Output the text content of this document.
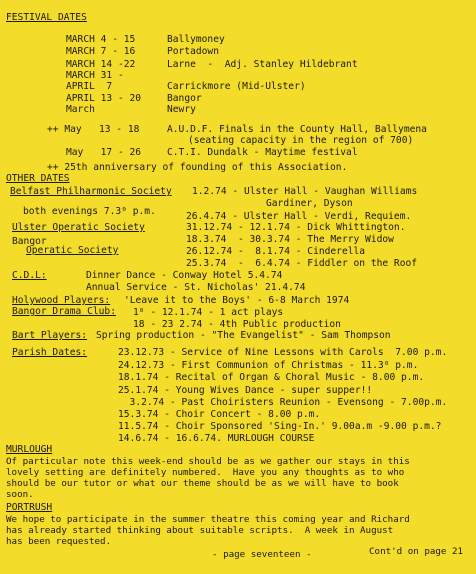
FESTIVAL DATES
MARCH 4 - 15	Ballymoney
MARCH 7 - 16	Portadown
MARCH 14 -22	Larne  -  Adj. Stanley Hildebrant
MARCH 31 -
APRIL  7	Carrickmore (Mid-Ulster)
APRIL 13 - 20	Bangor
March	Newry
++ May   13 - 18	A.U.D.F. Finals in the County Hall, Ballymena
(seating capacity in the region of 700)
May   17 - 26	C.T.I. Dundalk - Maytime festival
++ 25th anniversary of founding of this Association.
OTHER DATES
Belfast Philharmonic Society 1.2.74 - Ulster Hall - Vaughan Williams
Gardiner, Dyson
both evenings 7.3⁰ p.m.	26.4.74 - Ulster Hall - Verdi, Requiem.
Ulster Operatic Society	31.12.74 - 12.1.74 - Dick Whittington.
Bangor
Operatic Society
18.3.74  - 30.3.74 - The Merry Widow
26.12.74 -  8.1.74 - Cinderella
25.3.74  -  6.4.74 - Fiddler on the Roof
C.D.L:	Dinner Dance - Conway Hotel 5.4.74
Annual Service - St. Nicholas' 21.4.74
Holywood Players: 'Leave it to the Boys' - 6-8 March 1974
Bangor Drama Club: 1⁰ - 12.1.74 - 1 act plays
18 - 23 2.74 - 4th Public production
Bart Players: Spring production - "The Evangelist" - Sam Thompson
Parish Dates:	23.12.73 - Service of Nine Lessons with Carols  7.00 p.m.
24.12.73 - First Communion of Christmas - 11.3⁰ p.m.
18.1.74 - Recital of Organ & Choral Music - 8.00 p.m.
25.1.74 - Young Wives Dance - super supper!!
3.2.74 - Past Choiristers Reunion - Evensong - 7.00p.m.
15.3.74 - Choir Concert - 8.00 p.m.
11.5.74 - Choir Sponsored 'Sing-In.' 9.00a.m -9.00 p.m.?
14.6.74 - 16.6.74. MURLOUGH COURSE
MURLOUGH
Of particular note this week-end should be as we gather our stays in this
lovely setting are definitely numbered.  Have you any thoughts as to who
should be our tutor or what our theme should be as we will have to book
soon.
PORTRUSH
We hope to participate in the summer theatre this coming year and Richard
has already started thinking about suitable scripts.  A week in August
has been requested.
- page seventeen -	Cont'd on page 21
